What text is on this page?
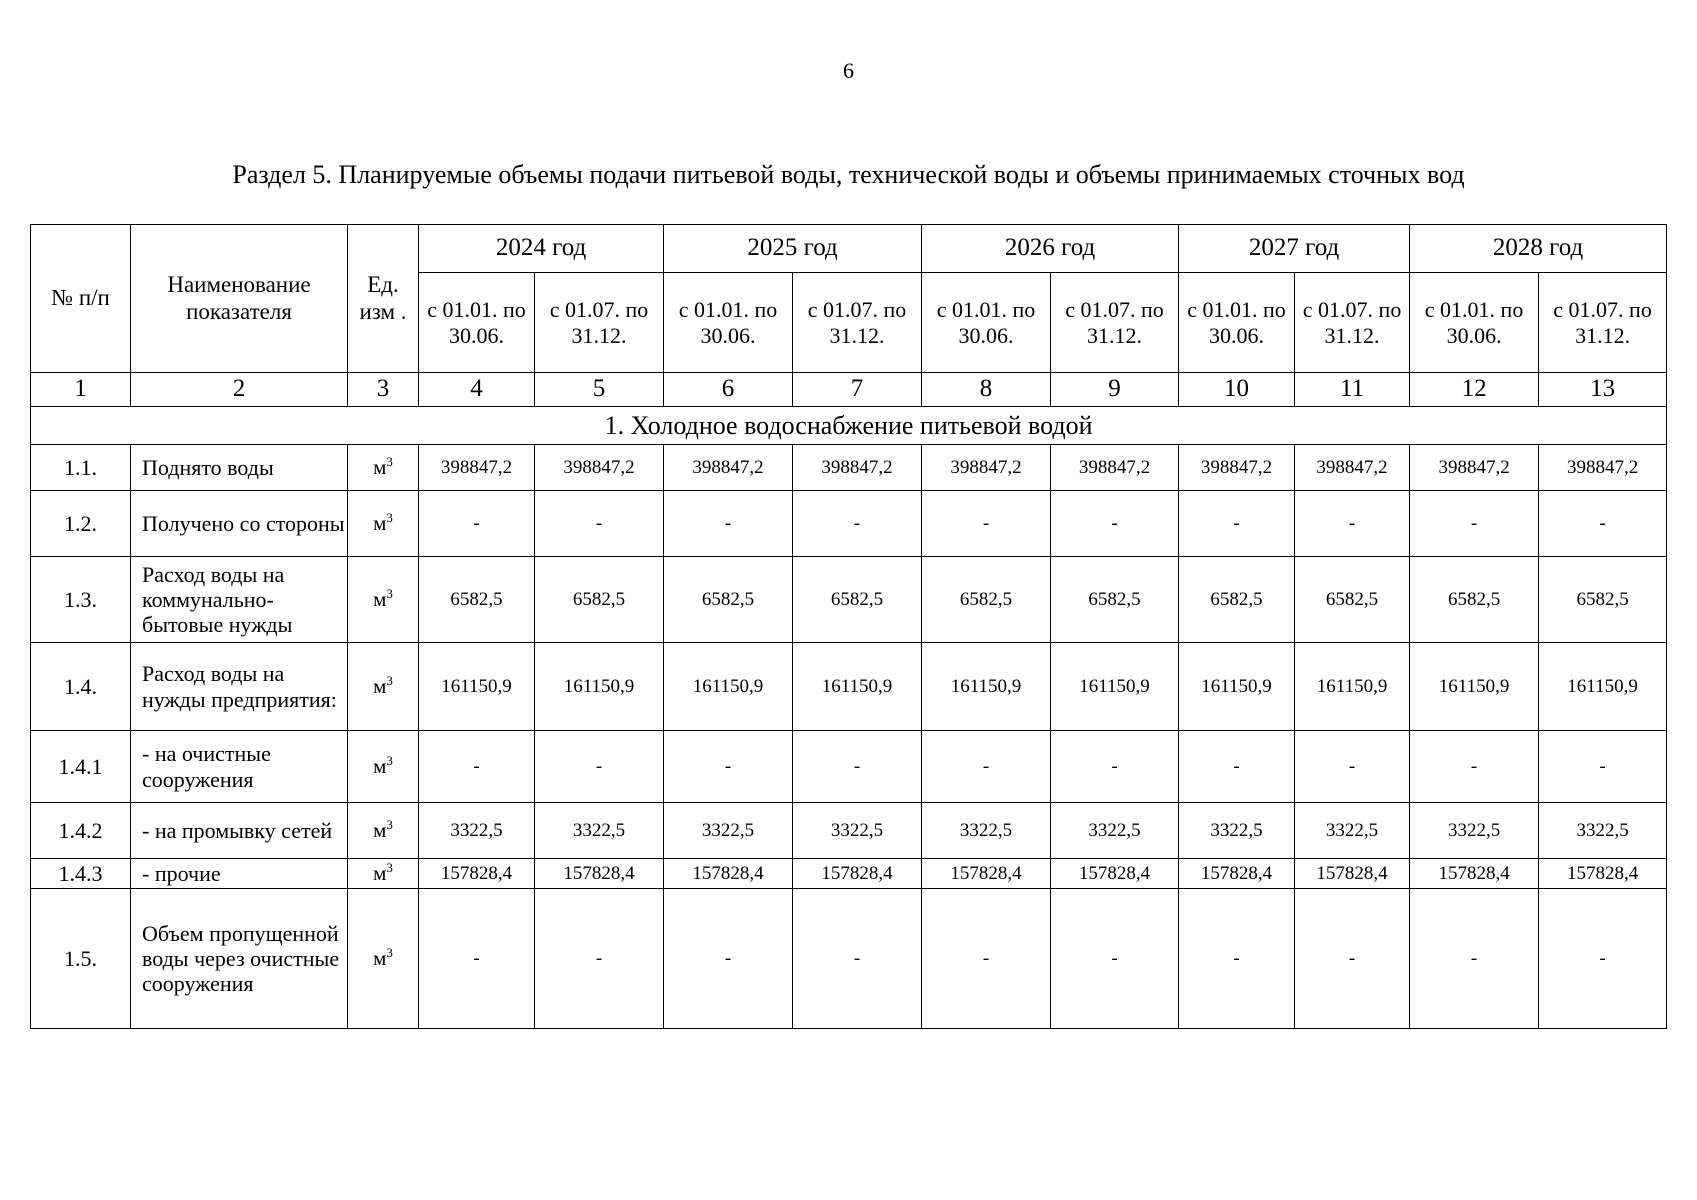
6
Раздел 5. Планируемые объемы подачи питьевой воды, технической воды и объемы принимаемых сточных вод
№ п/п	Наименование показателя	Ед. изм .	2024 год		2025 год		2026 год		2027 год		2028 год	
			с 01.01. по 30.06.	с 01.07. по 31.12.	с 01.01. по 30.06.	с 01.07. по 31.12.	с 01.01. по 30.06.	с 01.07. по 31.12.	с 01.01. по 30.06.	с 01.07. по 31.12.	с 01.01. по 30.06.	с 01.07. по 31.12.
1	2	3	4	5	6	7	8	9	10	11	12	13
1. Холодное водоснабжение питьевой водой												
1.1.	Поднято воды	$м^3$	398847,2	398847,2	398847,2	398847,2	398847,2	398847,2	398847,2	398847,2	398847,2	398847,2
1.2.	Получено со стороны	$м^3$	-	-	-	-	-	-	-	-	-	-
1.3.	Расход воды на коммунально-бытовые нужды	$м^3$	6582,5	6582,5	6582,5	6582,5	6582,5	6582,5	6582,5	6582,5	6582,5	6582,5
1.4.	Расход воды на нужды предприятия:	$м^3$	161150,9	161150,9	161150,9	161150,9	161150,9	161150,9	161150,9	161150,9	161150,9	161150,9
1.4.1	- на очистные сооружения	$м^3$	-	-	-	-	-	-	-	-	-	-
1.4.2	- на промывку сетей	$м^3$	3322,5	3322,5	3322,5	3322,5	3322,5	3322,5	3322,5	3322,5	3322,5	3322,5
1.4.3	- прочие	$м^3$	157828,4	157828,4	157828,4	157828,4	157828,4	157828,4	157828,4	157828,4	157828,4	157828,4
1.5.	Объем пропущенной воды через очистные сооружения	$м^3$	-	-	-	-	-	-	-	-	-	-
